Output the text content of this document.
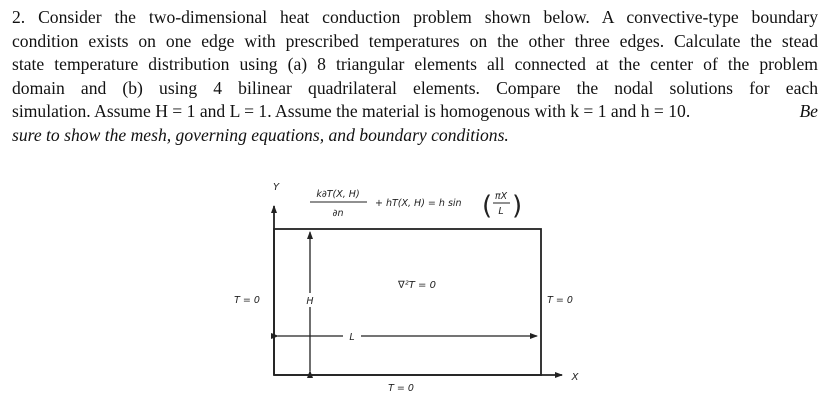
2. Consider the two-dimensional heat conduction problem shown below. A convective-type boundary
condition exists on one edge with prescribed temperatures on the other three edges. Calculate the stead
state temperature distribution using (a) 8 triangular elements all connected at the center of the problem
domain and (b) using 4 bilinear quadrilateral elements. Compare the nodal solutions for each
simulation. Assume H = 1 and L = 1. Assume the material is homogenous with k = 1 and h = 10.	Be
sure to show the mesh, governing equations, and boundary conditions.
Y
X
k∂T(X, H)
∂n
+ hT(X, H) = h sin ( πX
L )
T = 0	T = 0
T = 0
∇²T = 0
H
L
